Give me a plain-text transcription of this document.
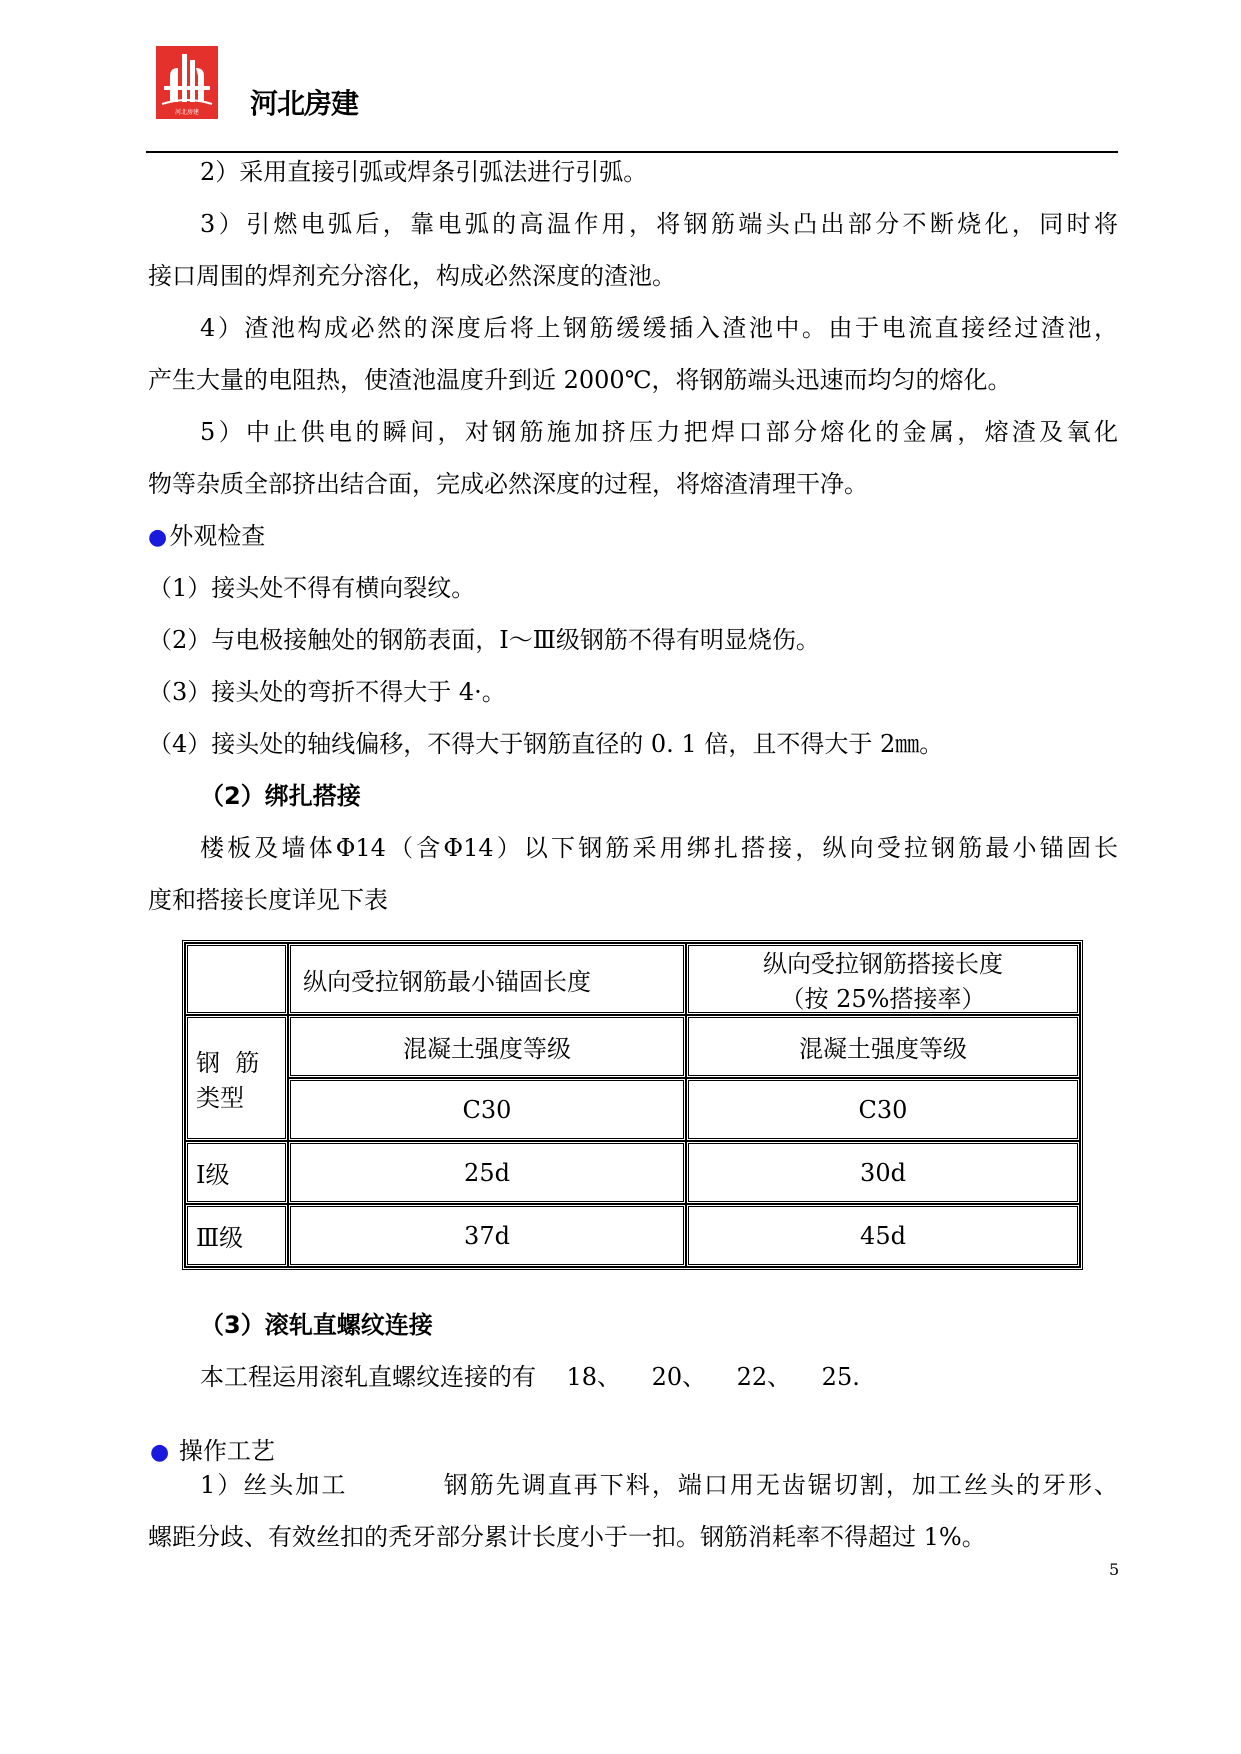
河北房建 河北房建
2）采用直接引弧或焊条引弧法进行引弧。
3）引燃电弧后，靠电弧的高温作用，将钢筋端头凸出部分不断烧化，同时将
接口周围的焊剂充分溶化，构成必然深度的渣池。
4）渣池构成必然的深度后将上钢筋缓缓插入渣池中。由于电流直接经过渣池，
产生大量的电阻热，使渣池温度升到近 2000℃，将钢筋端头迅速而均匀的熔化。
5）中止供电的瞬间，对钢筋施加挤压力把焊口部分熔化的金属，熔渣及氧化
物等杂质全部挤出结合面，完成必然深度的过程，将熔渣清理干净。
●外观检查
（1）接头处不得有横向裂纹。
（2）与电极接触处的钢筋表面，Ⅰ～Ⅲ级钢筋不得有明显烧伤。
（3）接头处的弯折不得大于 4·。
（4）接头处的轴线偏移，不得大于钢筋直径的 0. 1 倍，且不得大于 2㎜。
（2）绑扎搭接
楼板及墙体Φ14（含Φ14）以下钢筋采用绑扎搭接，纵向受拉钢筋最小锚固长
度和搭接长度详见下表
	纵向受拉钢筋最小锚固长度	纵向受拉钢筋搭接长度
（按 25%搭接率）

钢  筋
类型	混凝土强度等级	混凝土强度等级
	C30	C30
Ⅰ级	25d	30d
Ⅲ级	37d	45d
（3）滚轧直螺纹连接
本工程运用滚轧直螺纹连接的有    18、    20、    22、    25.
● 操作工艺
1）丝头加工          钢筋先调直再下料，端口用无齿锯切割，加工丝头的牙形、
螺距分歧、有效丝扣的秃牙部分累计长度小于一扣。钢筋消耗率不得超过 1%。
5
